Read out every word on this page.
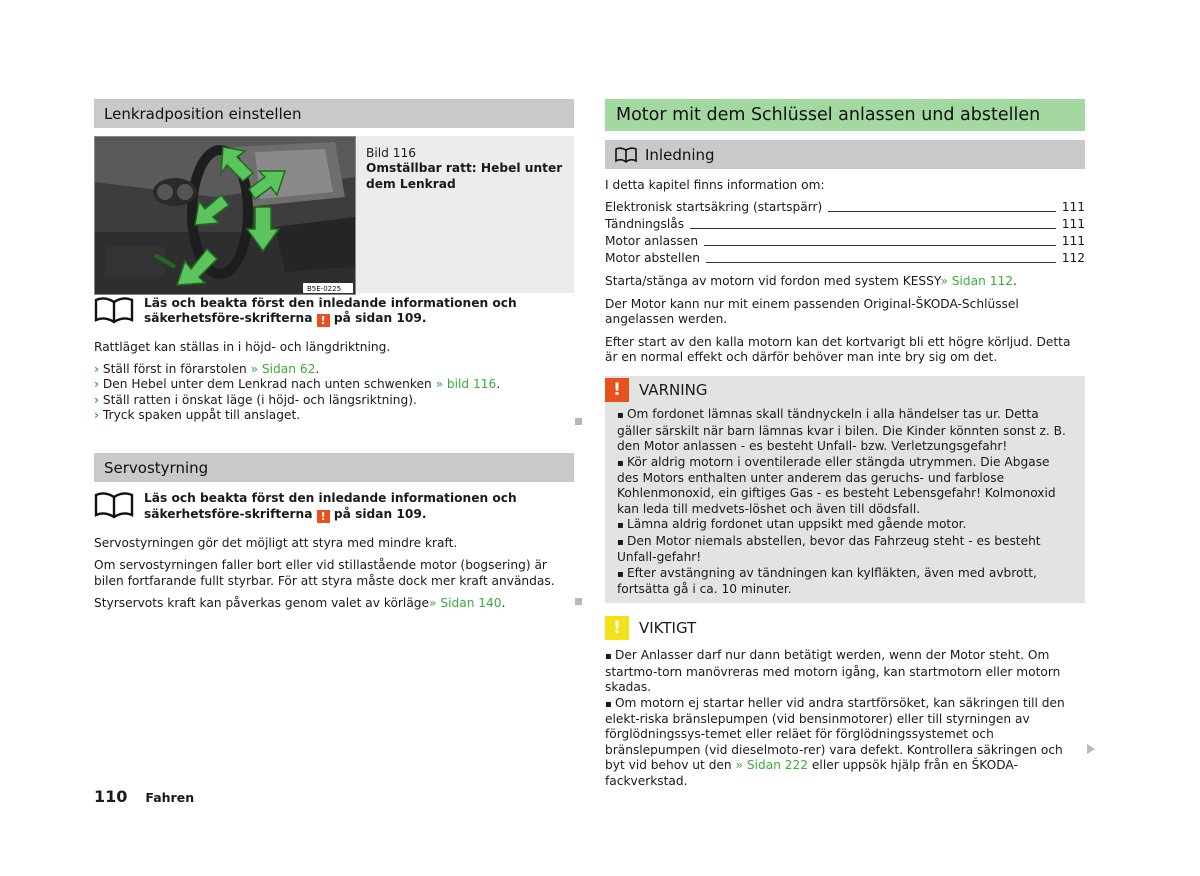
Lenkradposition einstellen
B5E-0225

Bild 116

Omställbar ratt: Hebel unter dem Lenkrad

Läs och beakta först den inledande informationen och säkerhetsföre-skrifterna ! på sidan 109.

Rattläget kan ställas in i höjd- och längdriktning.

› Ställ först in förarstolen » Sidan 62.

› Den Hebel unter dem Lenkrad nach unten schwenken » bild 116.

› Ställ ratten i önskat läge (i höjd- och längsriktning).

› Tryck spaken uppåt till anslaget.

Servostyrning

Läs och beakta först den inledande informationen och säkerhetsföre-skrifterna ! på sidan 109.

Servostyrningen gör det möjligt att styra med mindre kraft.

Om servostyrningen faller bort eller vid stillastående motor (bogsering) är bilen fortfarande fullt styrbar. För att styra måste dock mer kraft användas.

Styrservots kraft kan påverkas genom valet av körläge» Sidan 140.

Motor mit dem Schlüssel anlassen und abstellen
Inledning

I detta kapitel finns information om:

Elektronisk startsäkring (startspärr)	111
Tändningslås	111
Motor anlassen	111
Motor abstellen	112

Starta/stänga av motorn vid fordon med system KESSY» Sidan 112.

Der Motor kann nur mit einem passenden Original-ŠKODA-Schlüssel angelassen werden.

Efter start av den kalla motorn kan det kortvarigt bli ett högre körljud. Detta är en normal effekt och därför behöver man inte bry sig om det.

!	VARNING

▪ Om fordonet lämnas skall tändnyckeln i alla händelser tas ur. Detta gäller särskilt när barn lämnas kvar i bilen. Die Kinder könnten sonst z. B. den Motor anlassen - es besteht Unfall- bzw. Verletzungsgefahr!

▪ Kör aldrig motorn i oventilerade eller stängda utrymmen. Die Abgase des Motors enthalten unter anderem das geruchs- und farblose Kohlenmonoxid, ein giftiges Gas - es besteht Lebensgefahr! Kolmonoxid kan leda till medvets-löshet och även till dödsfall.

▪ Lämna aldrig fordonet utan uppsikt med gående motor.

▪ Den Motor niemals abstellen, bevor das Fahrzeug steht - es besteht Unfall-gefahr!

▪ Efter avstängning av tändningen kan kylfläkten, även med avbrott, fortsätta gå i ca. 10 minuter.

!	VIKTIGT

▪ Der Anlasser darf nur dann betätigt werden, wenn der Motor steht. Om startmo-torn manövreras med motorn igång, kan startmotorn eller motorn skadas.

▪ Om motorn ej startar heller vid andra startförsöket, kan säkringen till den elekt-riska bränslepumpen (vid bensinmotorer) eller till styrningen av förglödningssys-temet eller reläet för förglödningssystemet och bränslepumpen (vid dieselmoto-rer) vara defekt. Kontrollera säkringen och byt vid behov ut den » Sidan 222 eller uppsök hjälp från en ŠKODA-fackverkstad.

110 Fahren
